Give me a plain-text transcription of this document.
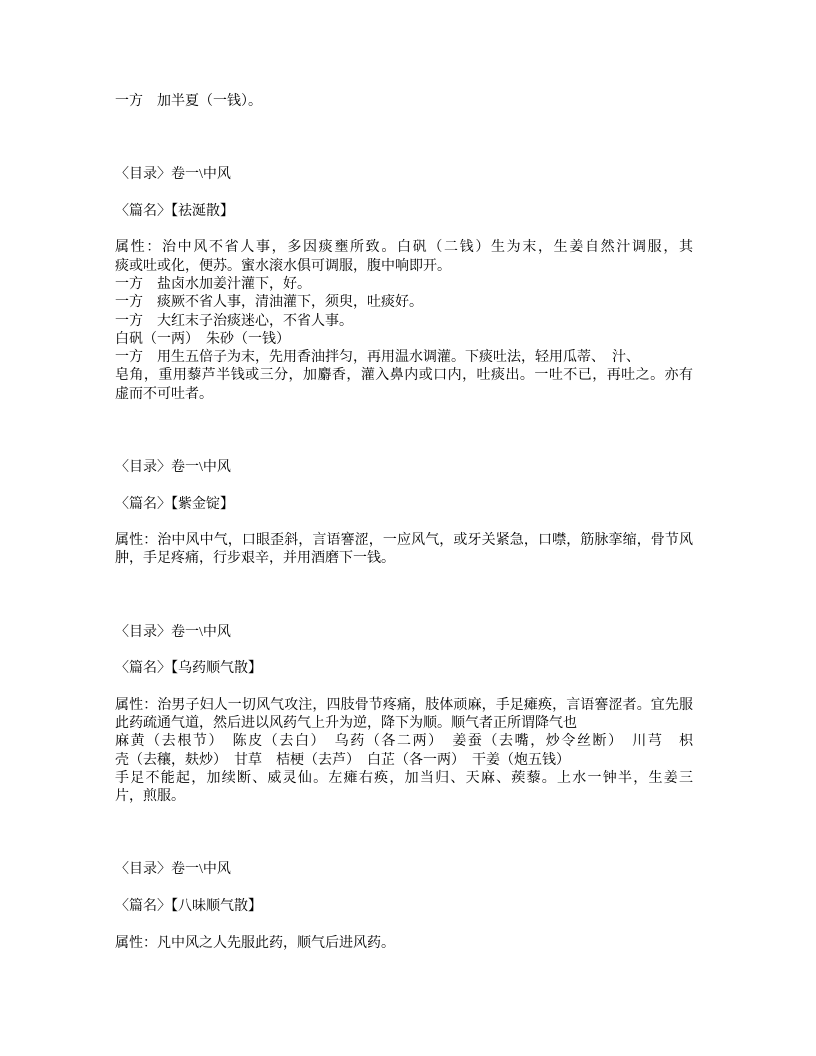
一方　加半夏（一钱）。
〈目录〉卷一\中风
〈篇名〉【祛涎散】
属性：治中风不省人事，多因痰壅所致。白矾（二钱）生为末，生姜自然汁调服，其
痰或吐或化，便苏。蜜水滚水俱可调服，腹中响即开。
一方　盐卤水加姜汁灌下，好。
一方　痰厥不省人事，清油灌下，须臾，吐痰好。
一方　大红末子治痰迷心，不省人事。
白矾（一两）　朱砂（一钱）
一方　用生五倍子为末，先用香油拌匀，再用温水调灌。下痰吐法，轻用瓜蒂、　汁、
皂角，重用藜芦半钱或三分，加麝香，灌入鼻内或口内，吐痰出。一吐不已，再吐之。亦有
虚而不可吐者。
〈目录〉卷一\中风
〈篇名〉【紫金锭】
属性：治中风中气，口眼歪斜，言语謇涩，一应风气，或牙关紧急，口噤，筋脉挛缩，骨节风
肿，手足疼痛，行步艰辛，并用酒磨下一钱。
〈目录〉卷一\中风
〈篇名〉【乌药顺气散】
属性：治男子妇人一切风气攻注，四肢骨节疼痛，肢体顽麻，手足瘫痪，言语謇涩者。宜先服
此药疏通气道，然后进以风药气上升为逆，降下为顺。顺气者正所谓降气也
麻黄（去根节）　陈皮（去白）　乌药（各二两）　姜蚕（去嘴，炒令丝断）　川芎　枳
壳（去穰，麸炒）　甘草　桔梗（去芦）　白芷（各一两）　干姜（炮五钱）
手足不能起，加续断、威灵仙。左瘫右痪，加当归、天麻、蒺藜。上水一钟半，生姜三
片，煎服。
〈目录〉卷一\中风
〈篇名〉【八味顺气散】
属性：凡中风之人先服此药，顺气后进风药。
